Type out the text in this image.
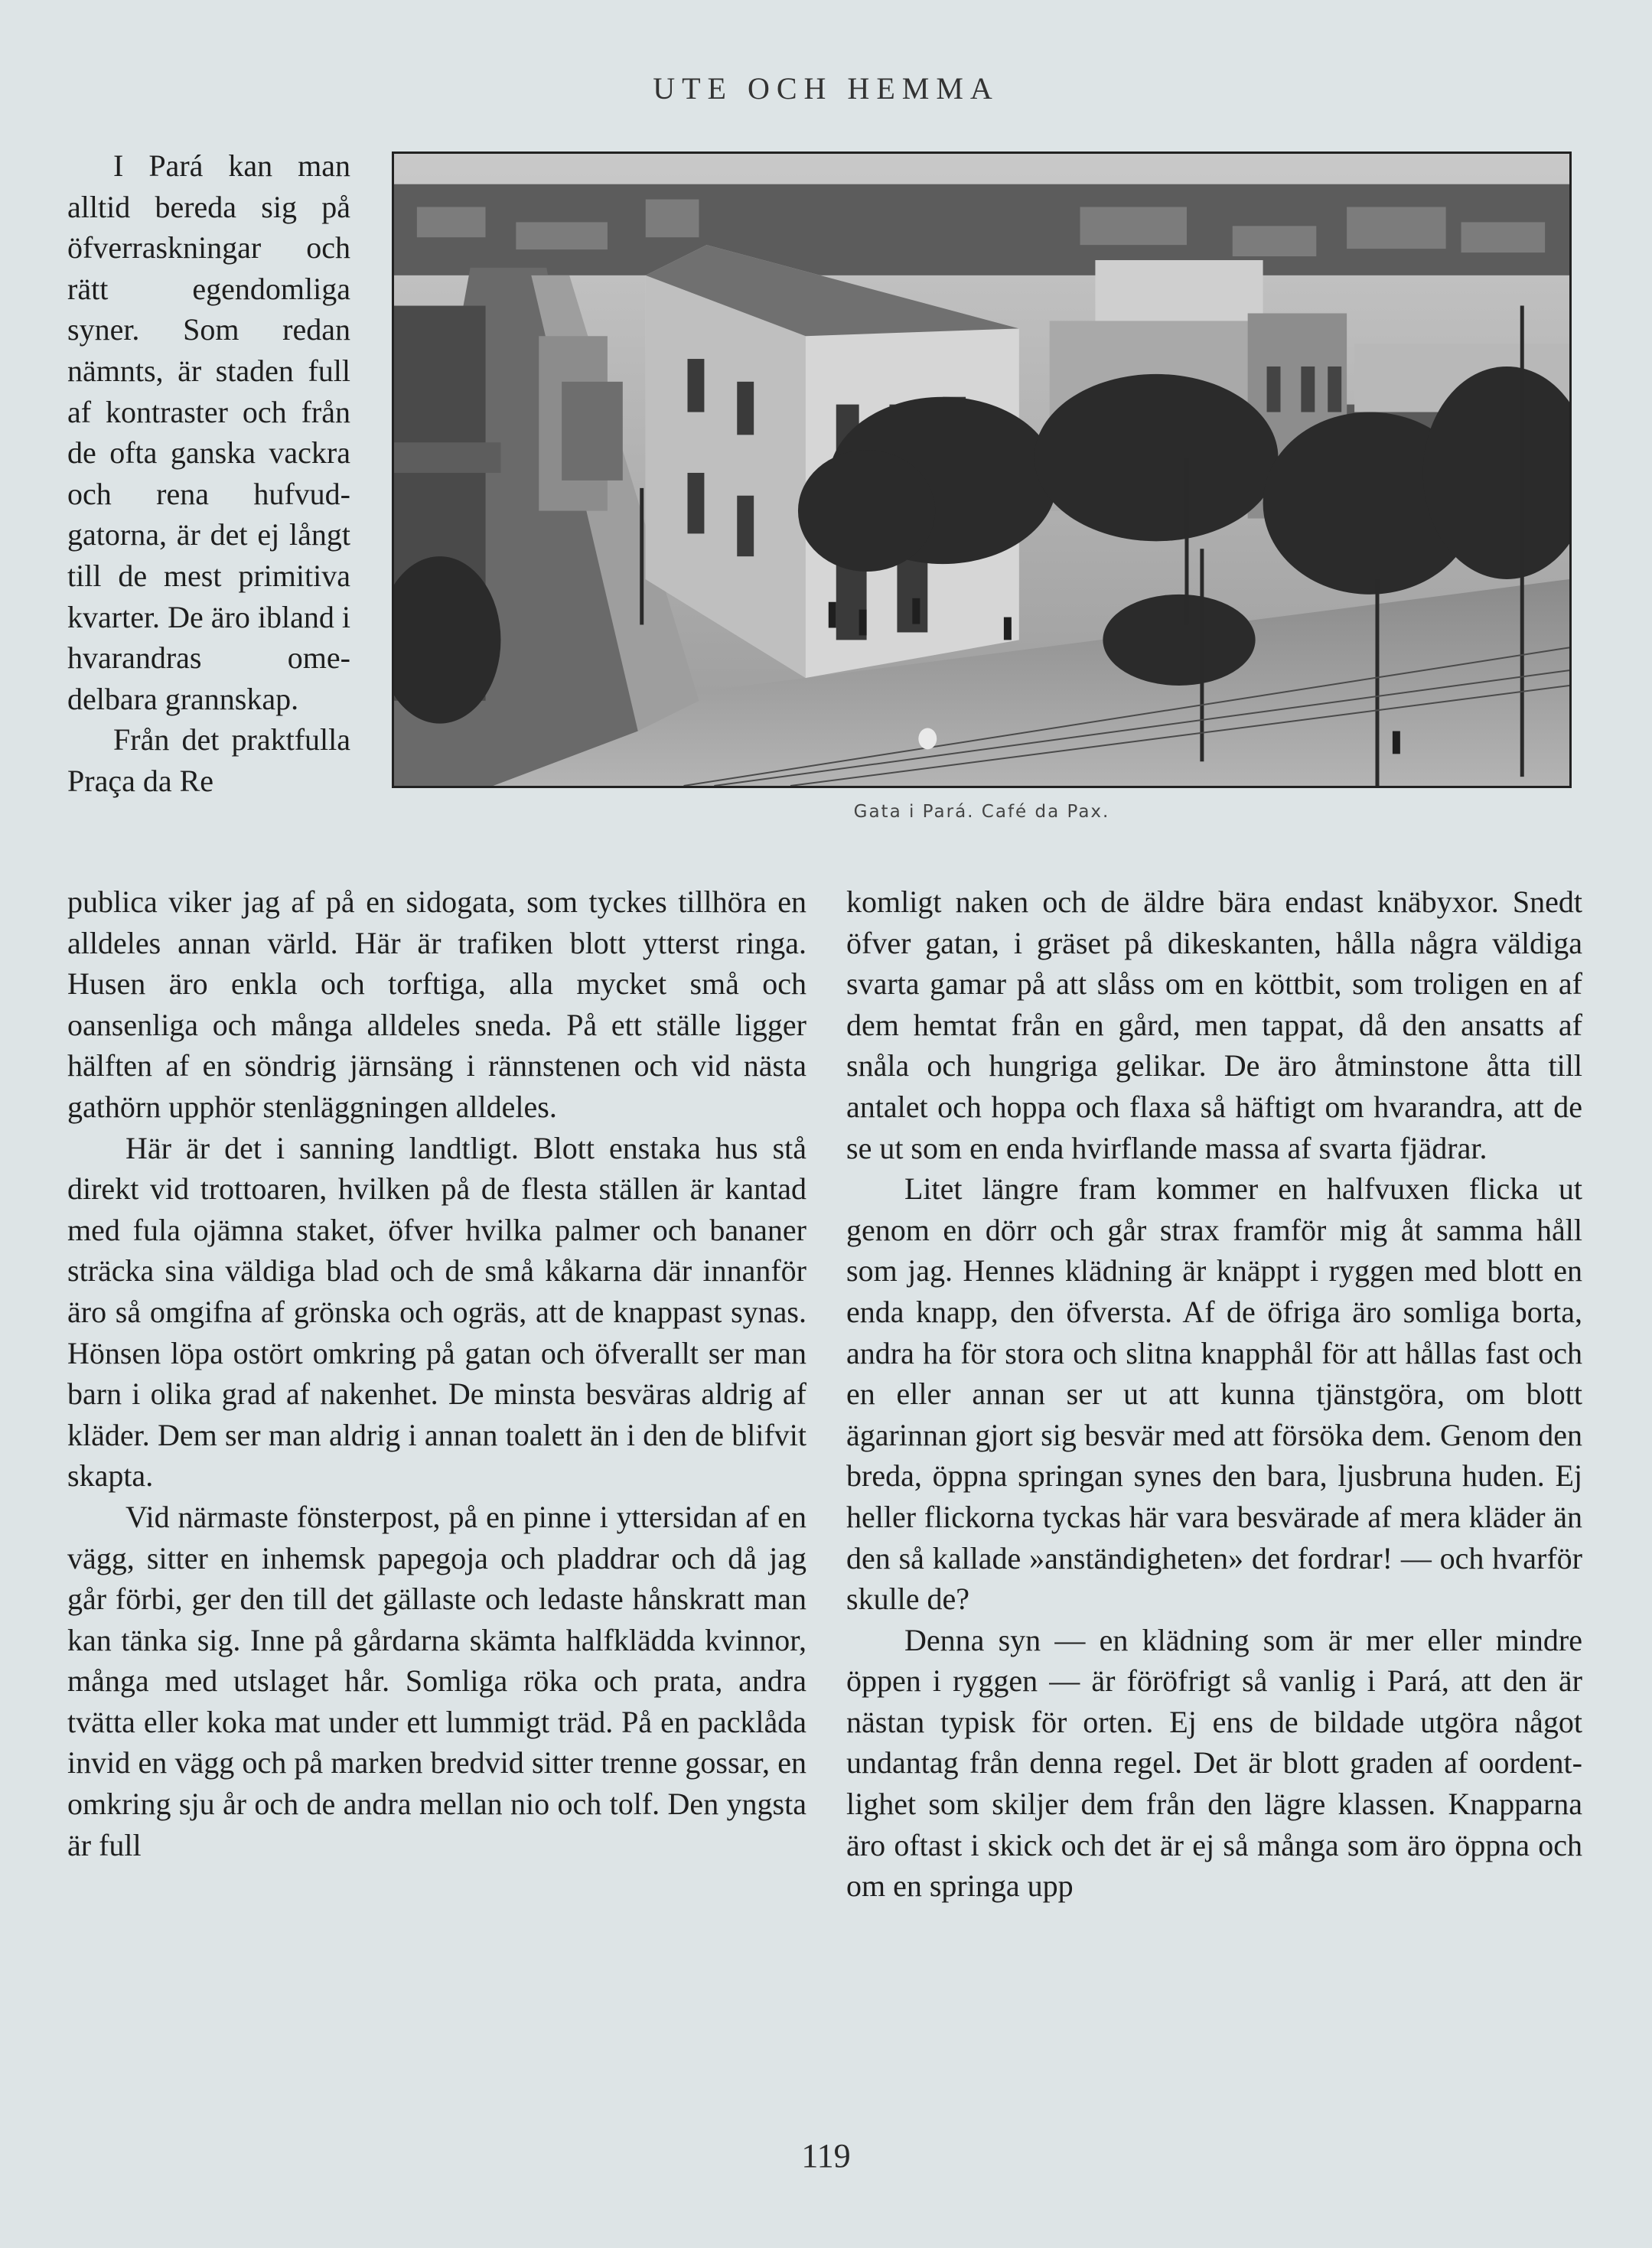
UTE OCH HEMMA

I Pará kan man alltid bereda sig på öfverraskningar och rätt egendomliga syner. Som redan nämnts, är staden full af kontraster och från de ofta ganska vackra och rena hufvudgatorna, är det ej långt till de mest primitiva kvarter. De äro ibland i hvarandras omedelbara grannskap.

Från det praktfulla Praça da Re

Gata i Pará. Café da Pax.

publica viker jag af på en sidogata, som tyckes tillhöra en alldeles annan värld. Här är trafiken blott ytterst ringa. Husen äro enkla och torftiga, alla mycket små och oansenliga och många alldeles sneda. På ett ställe ligger hälften af en söndrig järnsäng i rännstenen och vid nästa gathörn upphör stenläggningen alldeles.

Här är det i sanning landtligt. Blott enstaka hus stå direkt vid trottoaren, hvilken på de flesta ställen är kantad med fula ojämna staket, öfver hvilka palmer och bananer sträcka sina väldiga blad och de små kåkarna där innanför äro så omgifna af grönska och ogräs, att de knappast synas. Hönsen löpa ostört omkring på gatan och öfverallt ser man barn i olika grad af nakenhet. De minsta besväras aldrig af kläder. Dem ser man aldrig i annan toalett än i den de blifvit skapta.

Vid närmaste fönsterpost, på en pinne i yttersidan af en vägg, sitter en inhemsk papegoja och pladdrar och då jag går förbi, ger den till det gällaste och ledaste hånskratt man kan tänka sig. Inne på gårdarna skämta halfklädda kvinnor, många med utslaget hår. Somliga röka och prata, andra tvätta eller koka mat under ett lummigt träd. På en packlåda invid en vägg och på marken bredvid sitter trenne gossar, en omkring sju år och de andra mellan nio och tolf. Den yngsta är full

komligt naken och de äldre bära endast knäbyxor. Snedt öfver gatan, i gräset på dikeskanten, hålla några väldiga svarta gamar på att slåss om en köttbit, som troligen en af dem hemtat från en gård, men tappat, då den ansatts af snåla och hungriga gelikar. De äro åtminstone åtta till antalet och hoppa och flaxa så häftigt om hvarandra, att de se ut som en enda hvirflande massa af svarta fjädrar.

Litet längre fram kommer en halfvuxen flicka ut genom en dörr och går strax framför mig åt samma håll som jag. Hennes klädning är knäppt i ryggen med blott en enda knapp, den öfversta. Af de öfriga äro somliga borta, andra ha för stora och slitna knapphål för att hållas fast och en eller annan ser ut att kunna tjänstgöra, om blott ägarinnan gjort sig besvär med att försöka dem. Genom den breda, öppna springan synes den bara, ljusbruna huden. Ej heller flickorna tyckas här vara besvärade af mera kläder än den så kallade »anständigheten» det fordrar! — och hvarför skulle de?

Denna syn — en klädning som är mer eller mindre öppen i ryggen — är föröfrigt så vanlig i Pará, att den är nästan typisk för orten. Ej ens de bildade utgöra något undantag från denna regel. Det är blott graden af oordentlighet som skiljer dem från den lägre klassen. Knapparna äro oftast i skick och det är ej så många som äro öppna och om en springa upp

119
